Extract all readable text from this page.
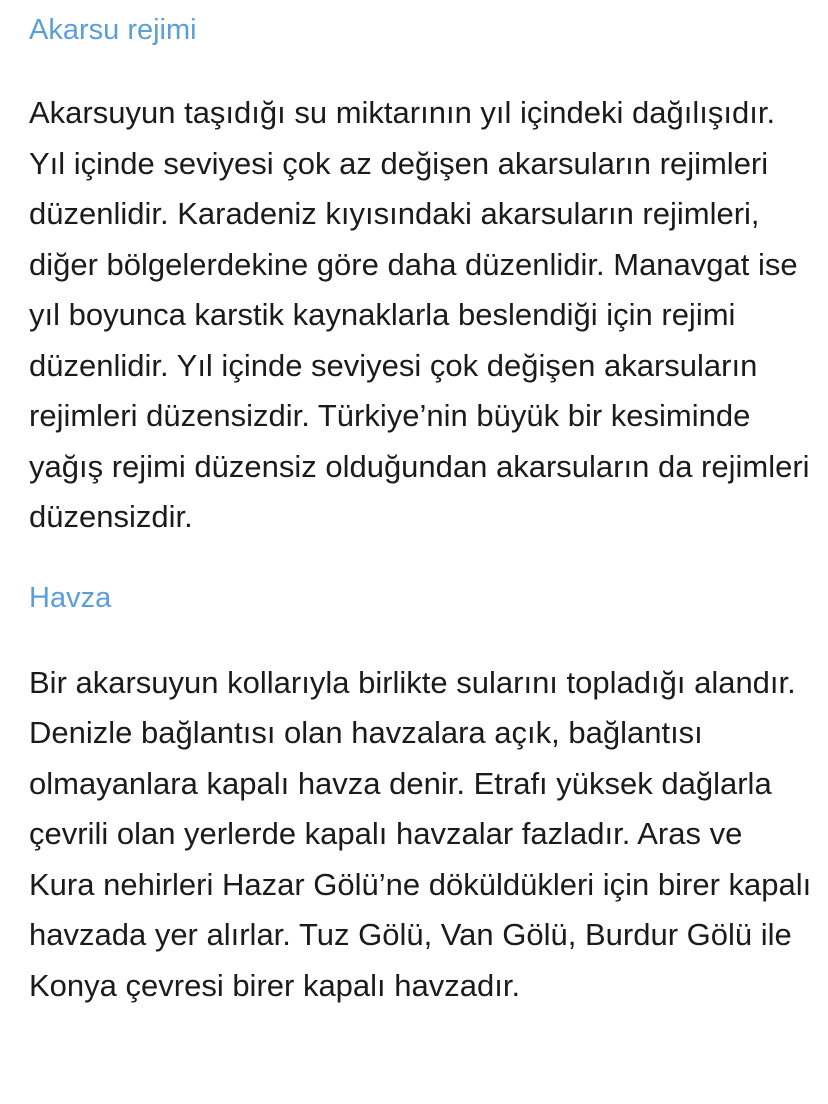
Akarsu rejimi

Akarsuyun taşıdığı su miktarının yıl içindeki dağılışıdır. Yıl içinde seviyesi çok az değişen akarsuların rejimleri düzenlidir. Karadeniz kıyısındaki akarsuların rejimleri, diğer bölgelerdekine göre daha düzenlidir. Manavgat ise yıl boyunca karstik kaynaklarla beslendiği için rejimi düzenlidir. Yıl içinde seviyesi çok değişen akarsuların rejimleri düzensizdir. Türkiye’nin büyük bir kesiminde yağış rejimi düzensiz olduğundan akarsuların da rejimleri düzensizdir.

Havza

Bir akarsuyun kollarıyla birlikte sularını topladığı alandır. Denizle bağlantısı olan havzalara açık, bağlantısı olmayanlara kapalı havza denir. Etrafı yüksek dağlarla çevrili olan yerlerde kapalı havzalar fazladır. Aras ve Kura nehirleri Hazar Gölü’ne döküldükleri için birer kapalı havzada yer alırlar. Tuz Gölü, Van Gölü, Burdur Gölü ile Konya çevresi birer kapalı havzadır.
